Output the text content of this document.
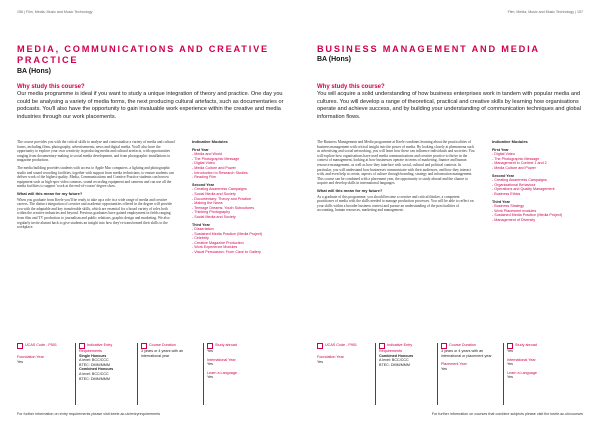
156 | Film, Media, Music and Music Technology
MEDIA, COMMUNICATIONS AND CREATIVE PRACTICE
BA (Hons)
Why study this course?
Our media programme is ideal if you want to study a unique integration of theory and practice. One day you could be analysing a variety of media forms, the next producing cultural artefacts, such as documentaries or podcasts. You'll also have the opportunity to gain invaluable work experience within the creative and media industries through our work placements.

The course provides you with the critical skills to analyse and contextualise a variety of media and cultural forms, including films, photography, advertisements, news and digital media. You'll also have the opportunity to explore your own creativity in producing media and cultural artefacts, with opportunities ranging from documentary-making to social media development, and from photographic installations to magazine production.

The media building provides students with access to Apple Mac computers, a lighting and photographic studio and sound recording facilities, together with support from media technicians, to ensure students can deliver work of the highest quality. Media, Communications and Creative Practice students can borrow equipment such as high-spec video cameras, sound recording equipment and cameras and can use all the media facilities to support 'work at the end-of-course' degree show.

What will this mean for my future?

When you graduate from Keele you'll be ready to take up a role in a wide range of media and creative careers. The distinct integration of creative and academic opportunities offered in the degree will provide you with the adaptable and key transferable skills, which are essential for a broad variety of roles both within the creative industries and beyond. Previous graduates have gained employment in fields ranging from film and TV production to journalism and public relations, graphic design and marketing. We also regularly invite alumni back to give students an insight into how they've transformed their skills to the workplace.

Indicative Modules
First Year
- Media and World
- The Photographic Message
- Digital Video
- Media Culture and Power
- Introduction to Research Studies
- Reading Film
Second Year
- Creating Awareness Campaigns
- Social Media and Society
- Documentary: Theory and Practice
- Making the News
- Teenage Dreams: Youth Subcultures
- Thinking Photography
- Social Media and Society
Third Year
- Dissertation
- Sustained Media Practice (Media Project)
- Celebrity
- Creative Magazine Production
- Work Experience Modules
- Visual Persuasion: From Cave to Gallery
UCAS Code - P501
Foundation Year
Yes
Indicative Entry Requirements
Single Honours
A level: BCC/CCC
BTEC: DMM/MMM
Combined Honours
A level: BCC/CCC
BTEC: DMM/MMM
Course Duration
3 years or 4 years with an international year
Study abroad
Yes
International Year
Yes
Learn a Language
Yes
For further information on entry requirements please visit keele.ac.uk/entryrequirements
Film, Media, Music and Music Technology | 157
BUSINESS MANAGEMENT AND MEDIA
BA (Hons)
Why study this course?
You will acquire a solid understanding of how business enterprises work in tandem with popular media and cultures. You will develop a range of theoretical, practical and creative skills by learning how organisations operate and achieve success, and by building your understanding of communication techniques and global information flows.

The Business Management and Media programme at Keele combines learning about the practicalities of business management with critical insight into the power of media. By looking closely at phenomena such as advertising and social networking, you will learn how these can influence individuals and societies. You will explore how organisations have used media communications and creative practice to thrive in the context of management, looking at how businesses operate in terms of marketing, finance and human resource management, as well as how they interface with social, cultural and political contexts. In particular, you will understand how businesses communicate with their audiences, and how they interact with, and even help to create, aspects of culture through branding, strategy and information management. This course can be combined with a placement year, the opportunity to study abroad and the chance to acquire and develop skills in international languages.

What will this mean for my future?

As a graduate of this programme, you should become a creative and critical thinker, a competent practitioner of media with the skills needed to manage production processes. You will be able to reflect on your skills within a broader business context and pursue an understanding of the practicalities of accounting, human resources, marketing and management.

Indicative Modules
First Year
- Digital Video
- The Photographic Message
- Management in Context 1 and 2
- Media Culture and Power
Second Year
- Creating Awareness Campaigns
- Organisational Behaviour
- Operations and Quality Management
- Business Ethics
Third Year
- Business Strategy
- Work Placement modules
- Sustained Media Practice (Media Project)
- Management of Diversity
UCAS Code - P901
Foundation Year
Yes
Indicative Entry Requirements
Combined Honours
A level: BCC/CCC
BTEC: DMM/MMM
Course Duration
3 years or 4 years with an international or placement year
Placement Year
Yes
Study abroad
Yes
International Year
Yes
Learn a Language
Yes
For further information on courses that combine subjects please visit the keele.ac.uk/courses
